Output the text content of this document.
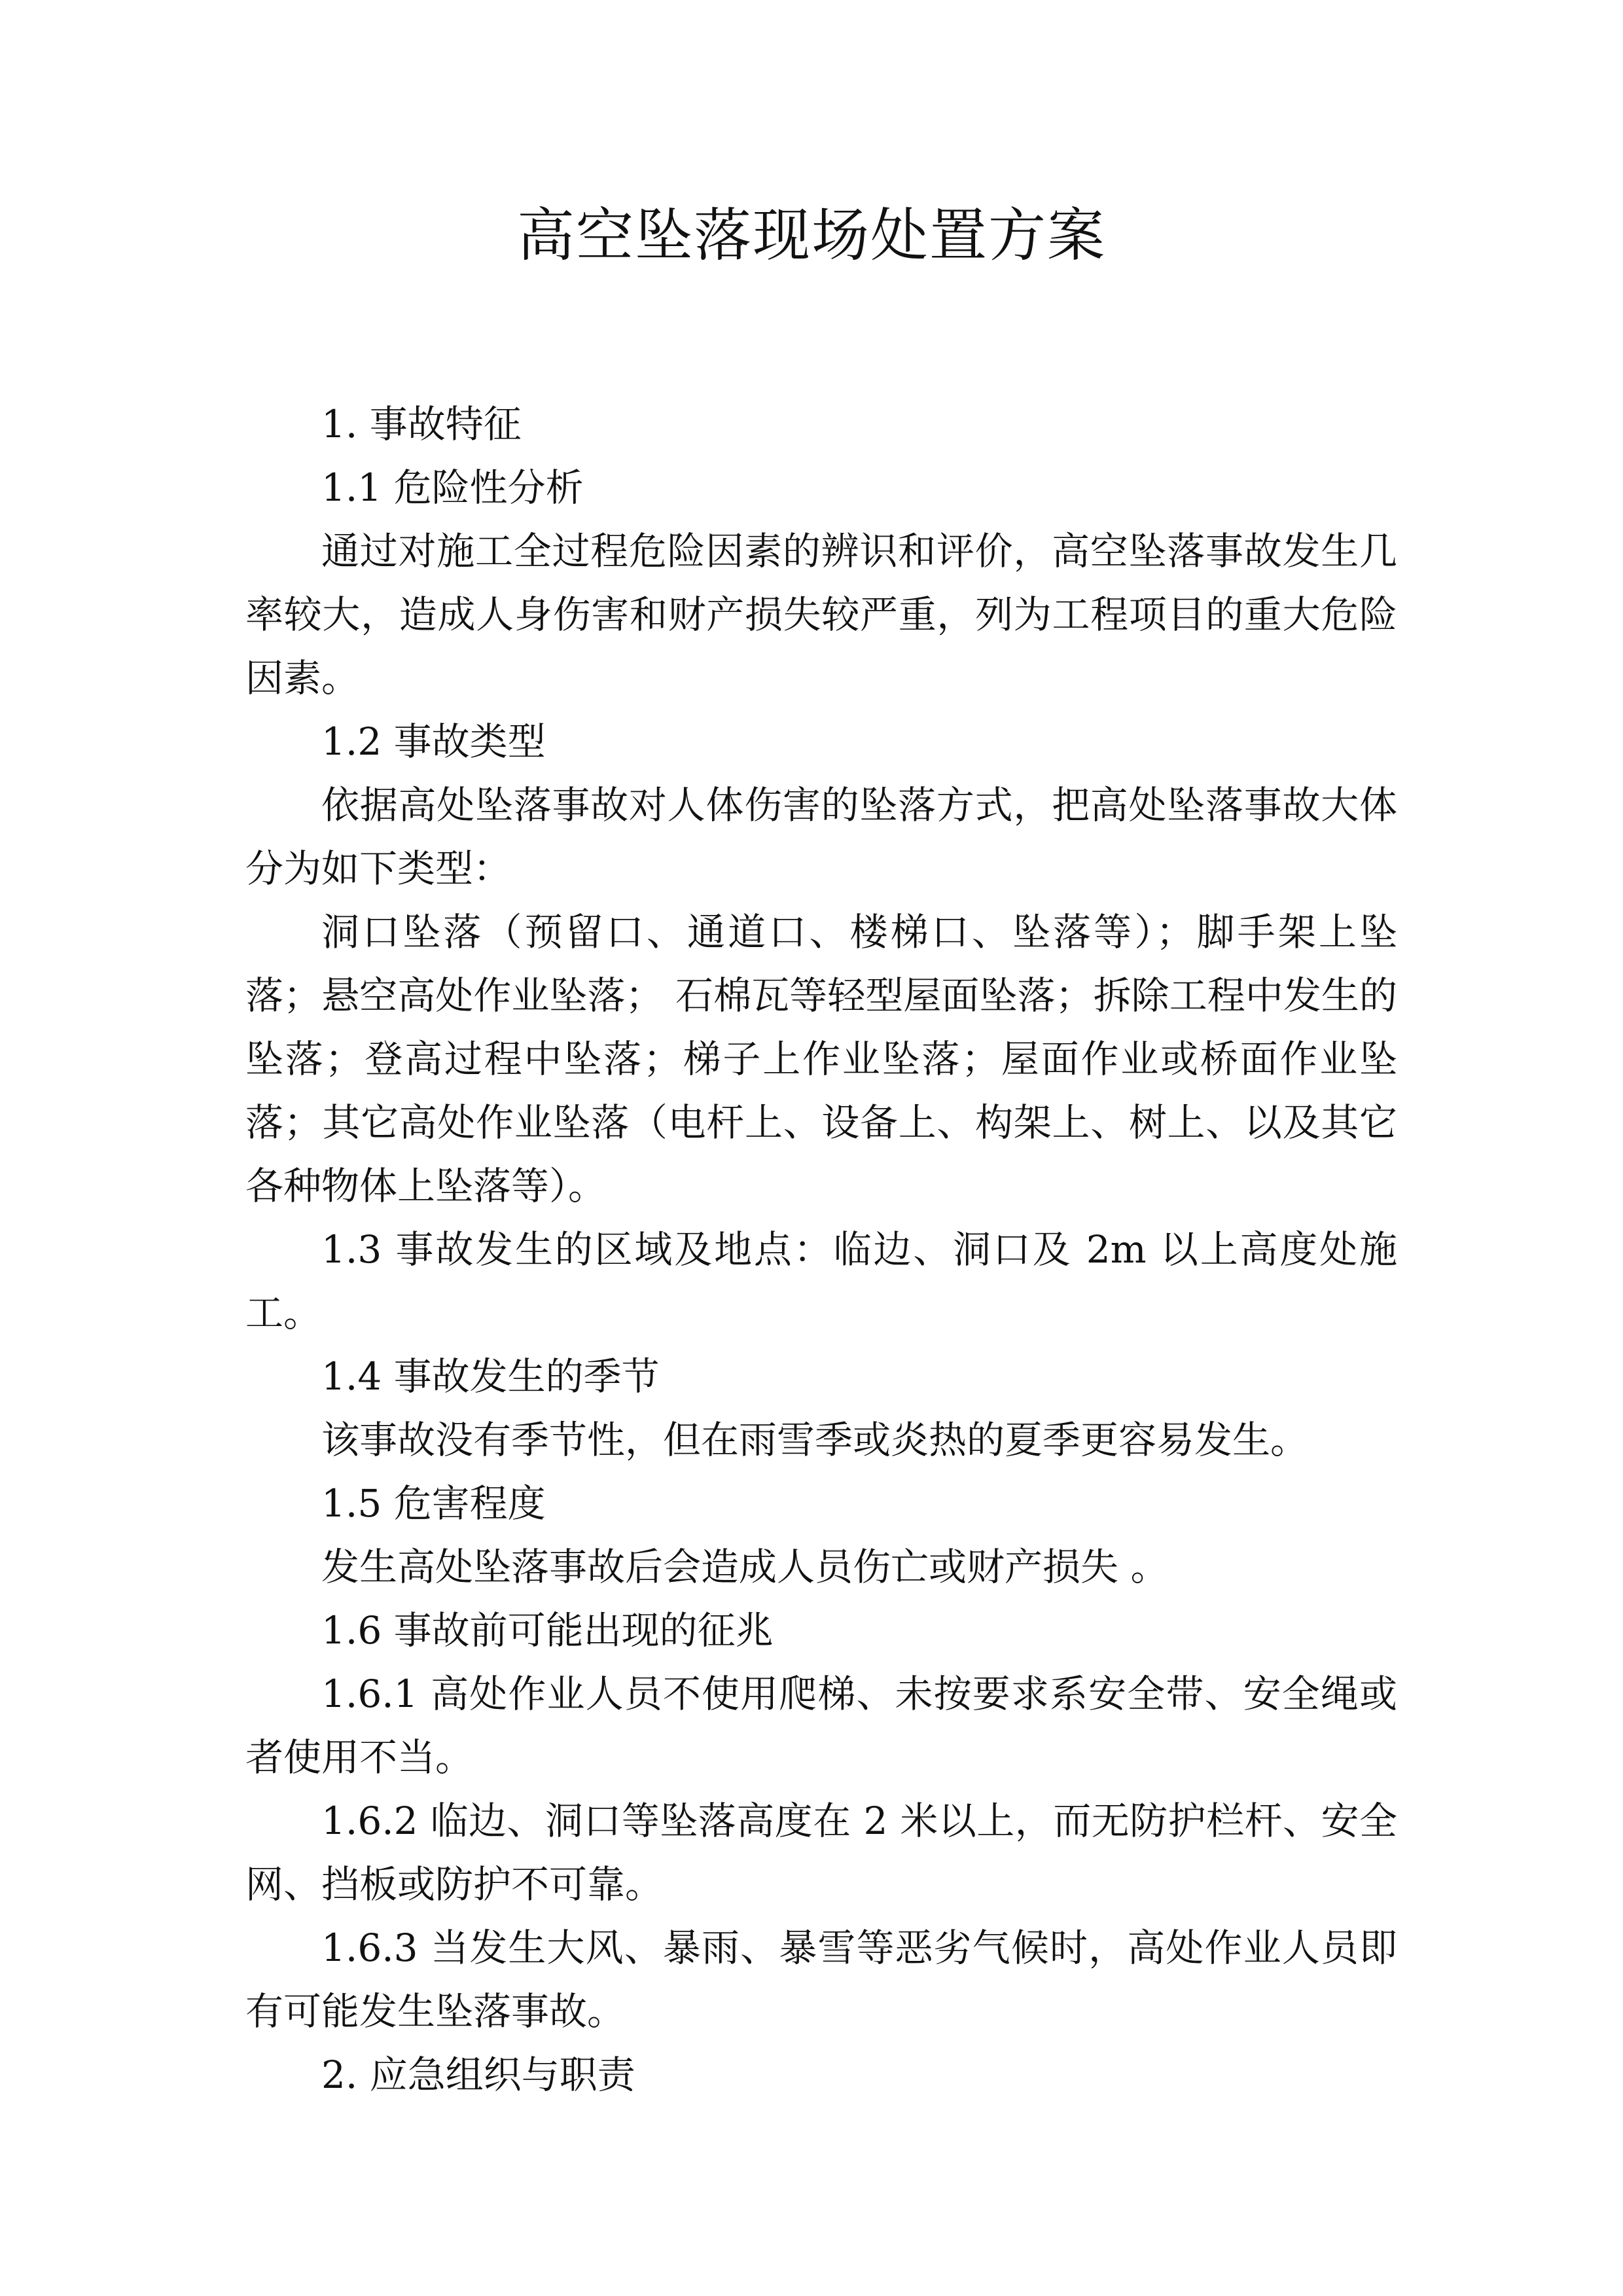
高空坠落现场处置方案

1. 事故特征

1.1 危险性分析

通过对施工全过程危险因素的辨识和评价，高空坠落事故发生几率较大，造成人身伤害和财产损失较严重，列为工程项目的重大危险因素。

1.2 事故类型

依据高处坠落事故对人体伤害的坠落方式，把高处坠落事故大体分为如下类型：

洞口坠落（预留口、通道口、楼梯口、坠落等）；脚手架上坠落；悬空高处作业坠落； 石棉瓦等轻型屋面坠落；拆除工程中发生的坠落；登高过程中坠落；梯子上作业坠落；屋面作业或桥面作业坠落；其它高处作业坠落（电杆上、设备上、构架上、树上、以及其它各种物体上坠落等）。

1.3 事故发生的区域及地点：临边、洞口及 2m 以上高度处施工。

1.4 事故发生的季节

该事故没有季节性，但在雨雪季或炎热的夏季更容易发生。

1.5 危害程度

发生高处坠落事故后会造成人员伤亡或财产损失 。

1.6 事故前可能出现的征兆

1.6.1 高处作业人员不使用爬梯、未按要求系安全带、安全绳或者使用不当。

1.6.2 临边、洞口等坠落高度在 2 米以上，而无防护栏杆、安全网、挡板或防护不可靠。

1.6.3 当发生大风、暴雨、暴雪等恶劣气候时，高处作业人员即有可能发生坠落事故。

2. 应急组织与职责
